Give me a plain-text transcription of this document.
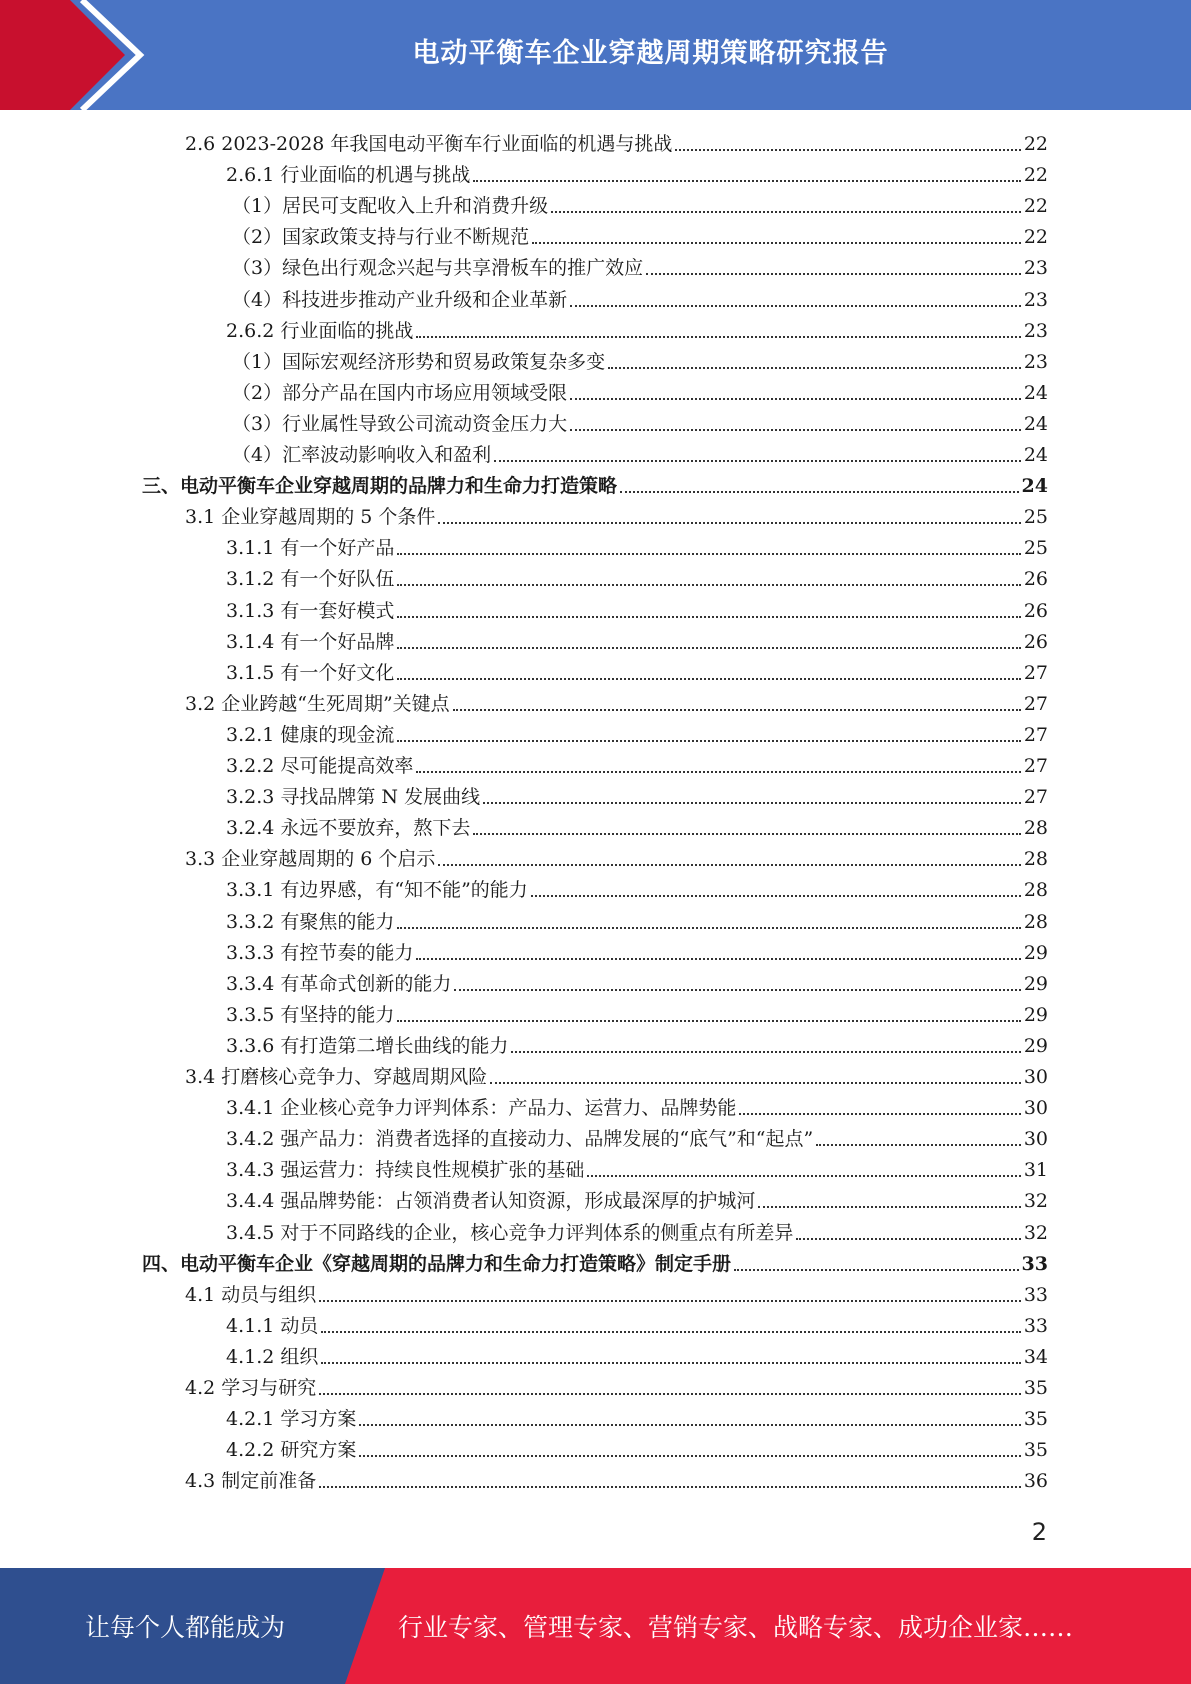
电动平衡车企业穿越周期策略研究报告
2.6 2023-2028 年我国电动平衡车行业面临的机遇与挑战	22
2.6.1 行业面临的机遇与挑战	22
（1）居民可支配收入上升和消费升级	22
（2）国家政策支持与行业不断规范	22
（3）绿色出行观念兴起与共享滑板车的推广效应	23
（4）科技进步推动产业升级和企业革新	23
2.6.2 行业面临的挑战	23
（1）国际宏观经济形势和贸易政策复杂多变	23
（2）部分产品在国内市场应用领域受限	24
（3）行业属性导致公司流动资金压力大	24
（4）汇率波动影响收入和盈利	24
三、电动平衡车企业穿越周期的品牌力和生命力打造策略	24
3.1 企业穿越周期的 5 个条件	25
3.1.1 有一个好产品	25
3.1.2 有一个好队伍	26
3.1.3 有一套好模式	26
3.1.4 有一个好品牌	26
3.1.5 有一个好文化	27
3.2 企业跨越“生死周期”关键点	27
3.2.1 健康的现金流	27
3.2.2 尽可能提高效率	27
3.2.3 寻找品牌第 N 发展曲线	27
3.2.4 永远不要放弃，熬下去	28
3.3 企业穿越周期的 6 个启示	28
3.3.1 有边界感，有“知不能”的能力	28
3.3.2 有聚焦的能力	28
3.3.3 有控节奏的能力	29
3.3.4 有革命式创新的能力	29
3.3.5 有坚持的能力	29
3.3.6 有打造第二增长曲线的能力	29
3.4 打磨核心竞争力、穿越周期风险	30
3.4.1 企业核心竞争力评判体系：产品力、运营力、品牌势能	30
3.4.2 强产品力：消费者选择的直接动力、品牌发展的“底气”和“起点”	30
3.4.3 强运营力：持续良性规模扩张的基础	31
3.4.4 强品牌势能：占领消费者认知资源，形成最深厚的护城河	32
3.4.5 对于不同路线的企业，核心竞争力评判体系的侧重点有所差异	32
四、电动平衡车企业《穿越周期的品牌力和生命力打造策略》制定手册	33
4.1 动员与组织	33
4.1.1 动员	33
4.1.2 组织	34
4.2 学习与研究	35
4.2.1 学习方案	35
4.2.2 研究方案	35
4.3 制定前准备	36
2
让每个人都能成为	行业专家、管理专家、营销专家、战略专家、成功企业家……
